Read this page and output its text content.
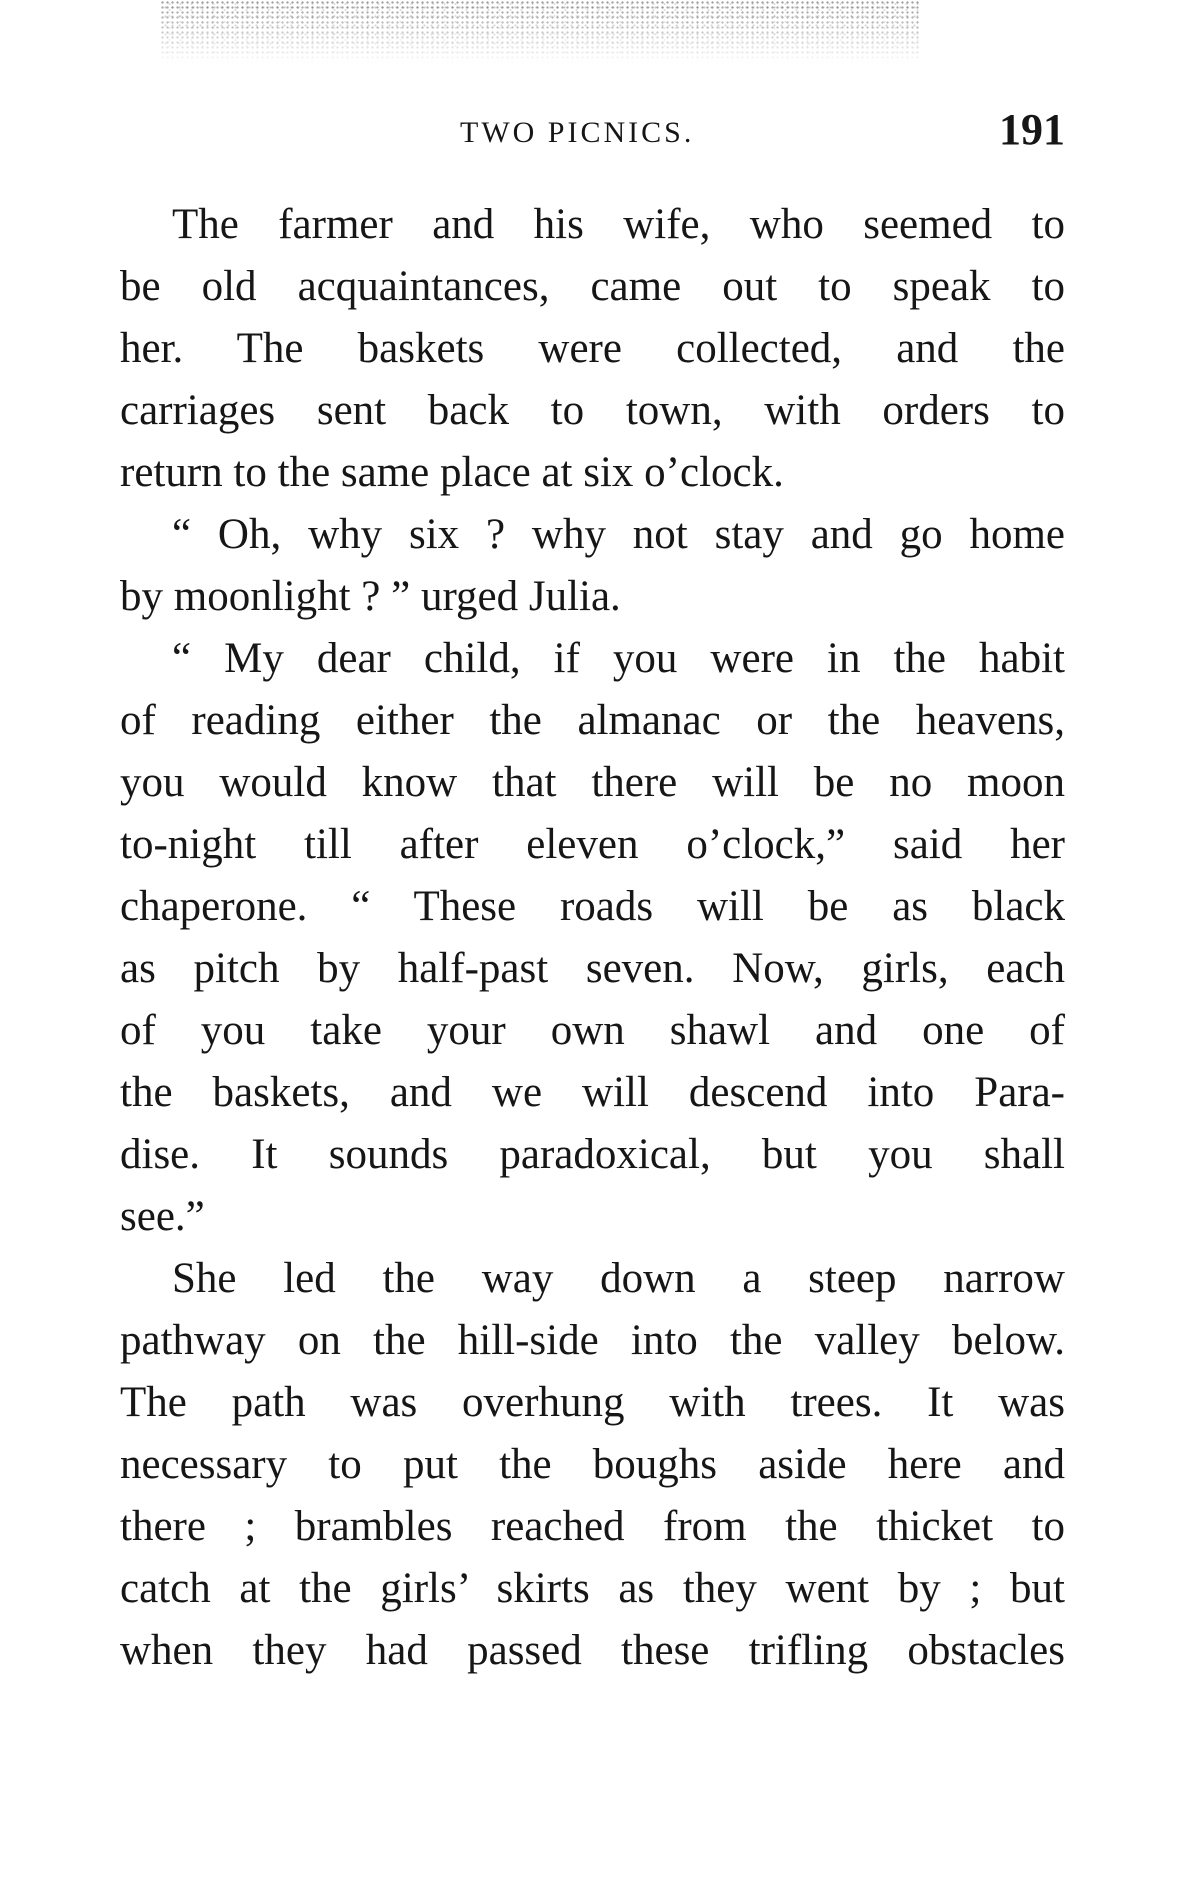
TWO PICNICS.	191
The farmer and his wife, who seemed to
be old acquaintances, came out to speak to
her. The baskets were collected, and the
carriages sent back to town, with orders to
return to the same place at six o’clock.
“ Oh, why six ? why not stay and go home
by moonlight ? ” urged Julia.
“ My dear child, if you were in the habit
of reading either the almanac or the heavens,
you would know that there will be no moon
to-night till after eleven o’clock,” said her
chaperone. “ These roads will be as black
as pitch by half-past seven. Now, girls, each
of you take your own shawl and one of
the baskets, and we will descend into Para-
dise. It sounds paradoxical, but you shall
see.”
She led the way down a steep narrow
pathway on the hill-side into the valley below.
The path was overhung with trees. It was
necessary to put the boughs aside here and
there ; brambles reached from the thicket to
catch at the girls’ skirts as they went by ; but
when they had passed these trifling obstacles
